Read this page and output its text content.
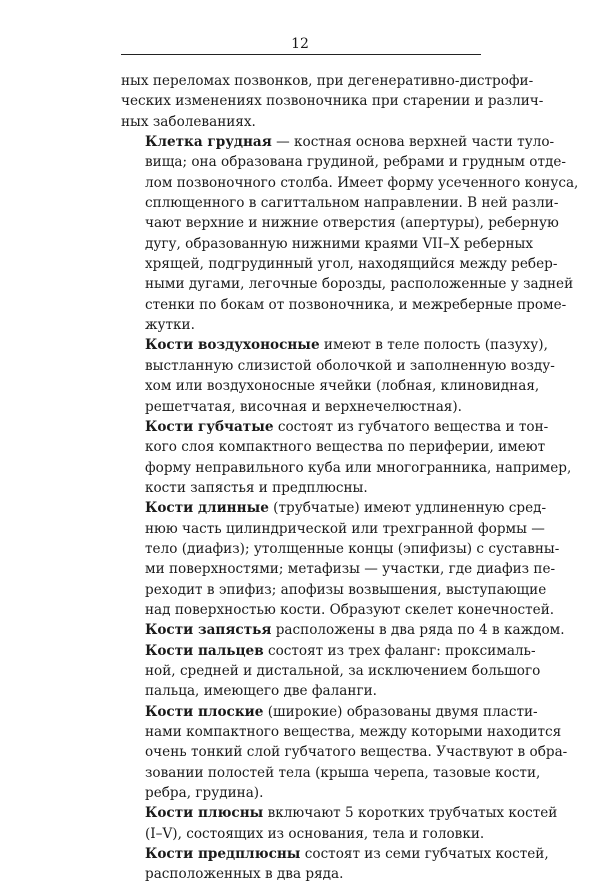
12

ных переломах позвонков, при дегенеративно-дистрофи-
ческих изменениях позвоночника при старении и различ-
ных заболеваниях.

Клетка грудная — костная основа верхней части туло-
вища; она образована грудиной, ребрами и грудным отде-
лом позвоночного столба. Имеет форму усеченного конуса,
сплющенного в сагиттальном направлении. В ней разли-
чают верхние и нижние отверстия (апертуры), реберную
дугу, образованную нижними краями VII–X реберных
хрящей, подгрудинный угол, находящийся между ребер-
ными дугами, легочные борозды, расположенные у задней
стенки по бокам от позвоночника, и межреберные проме-
жутки.

Кости воздухоносные имеют в теле полость (пазуху),
выстланную слизистой оболочкой и заполненную возду-
хом или воздухоносные ячейки (лобная, клиновидная,
решетчатая, височная и верхнечелюстная).

Кости губчатые состоят из губчатого вещества и тон-
кого слоя компактного вещества по периферии, имеют
форму неправильного куба или многогранника, например,
кости запястья и предплюсны.

Кости длинные (трубчатые) имеют удлиненную сред-
нюю часть цилиндрической или трехгранной формы —
тело (диафиз); утолщенные концы (эпифизы) с суставны-
ми поверхностями; метафизы — участки, где диафиз пе-
реходит в эпифиз; апофизы возвышения, выступающие
над поверхностью кости. Образуют скелет конечностей.

Кости запястья расположены в два ряда по 4 в каждом.

Кости пальцев состоят из трех фаланг: проксималь-
ной, средней и дистальной, за исключением большого
пальца, имеющего две фаланги.

Кости плоские (широкие) образованы двумя пласти-
нами компактного вещества, между которыми находится
очень тонкий слой губчатого вещества. Участвуют в обра-
зовании полостей тела (крыша черепа, тазовые кости,
ребра, грудина).

Кости плюсны включают 5 коротких трубчатых костей
(I–V), состоящих из основания, тела и головки.

Кости предплюсны состоят из семи губчатых костей,
расположенных в два ряда.
